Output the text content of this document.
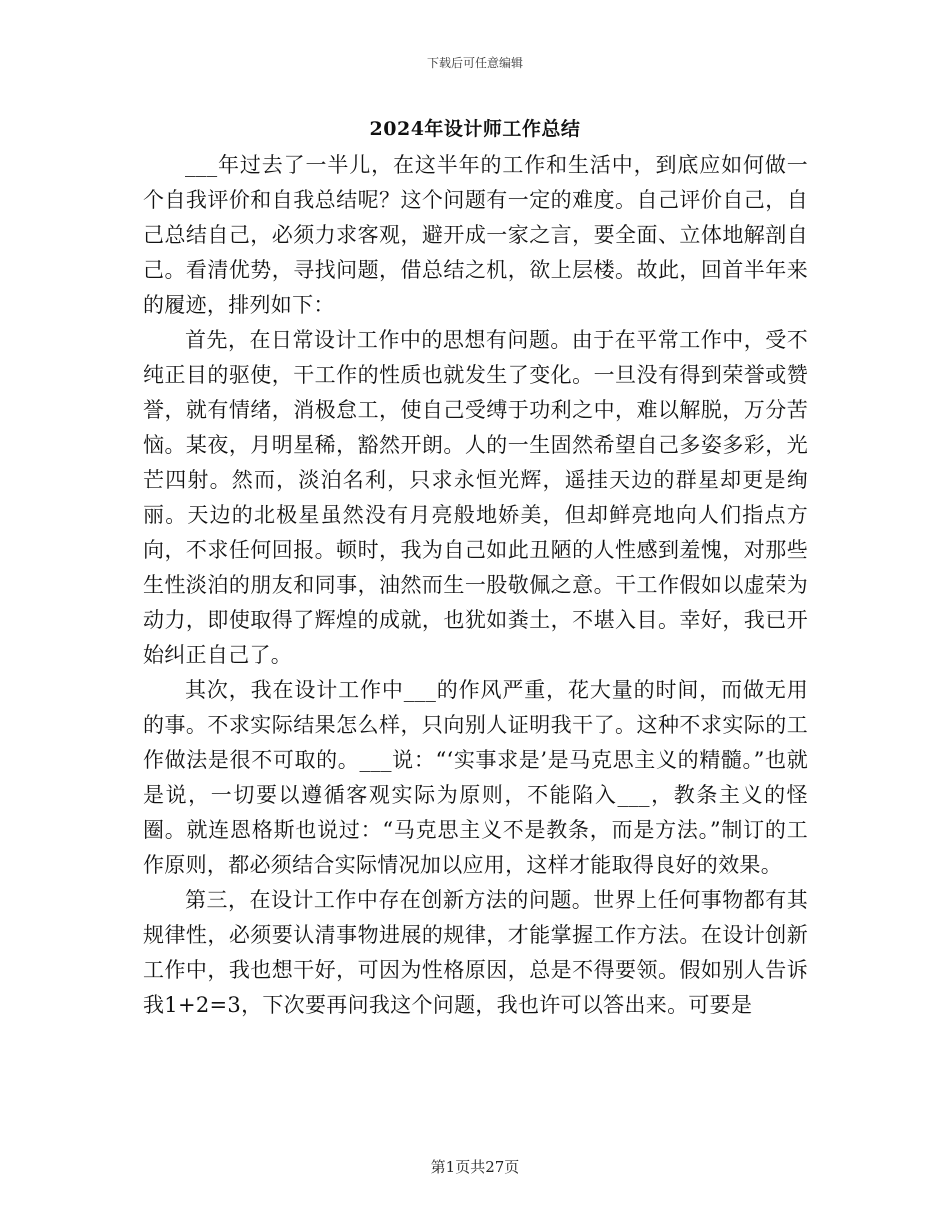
下载后可任意编辑
2024年设计师工作总结

___年过去了一半儿，在这半年的工作和生活中，到底应如何做一个自我评价和自我总结呢？这个问题有一定的难度。自己评价自己，自己总结自己，必须力求客观，避开成一家之言，要全面、立体地解剖自己。看清优势，寻找问题，借总结之机，欲上层楼。故此，回首半年来的履迹，排列如下：

首先，在日常设计工作中的思想有问题。由于在平常工作中，受不纯正目的驱使，干工作的性质也就发生了变化。一旦没有得到荣誉或赞誉，就有情绪，消极怠工，使自己受缚于功利之中，难以解脱，万分苦恼。某夜，月明星稀，豁然开朗。人的一生固然希望自己多姿多彩，光芒四射。然而，淡泊名利，只求永恒光辉，遥挂天边的群星却更是绚丽。天边的北极星虽然没有月亮般地娇美，但却鲜亮地向人们指点方向，不求任何回报。顿时，我为自己如此丑陋的人性感到羞愧，对那些生性淡泊的朋友和同事，油然而生一股敬佩之意。干工作假如以虚荣为动力，即使取得了辉煌的成就，也犹如粪土，不堪入目。幸好，我已开始纠正自己了。

其次，我在设计工作中___的作风严重，花大量的时间，而做无用的事。不求实际结果怎么样，只向别人证明我干了。这种不求实际的工作做法是很不可取的。___说：“‘实事求是’是马克思主义的精髓。”也就是说，一切要以遵循客观实际为原则，不能陷入___，教条主义的怪圈。就连恩格斯也说过：“马克思主义不是教条，而是方法。”制订的工作原则，都必须结合实际情况加以应用，这样才能取得良好的效果。

第三，在设计工作中存在创新方法的问题。世界上任何事物都有其规律性，必须要认清事物进展的规律，才能掌握工作方法。在设计创新工作中，我也想干好，可因为性格原因，总是不得要领。假如别人告诉我1+2=3，下次要再问我这个问题，我也许可以答出来。可要是

第1页共27页
